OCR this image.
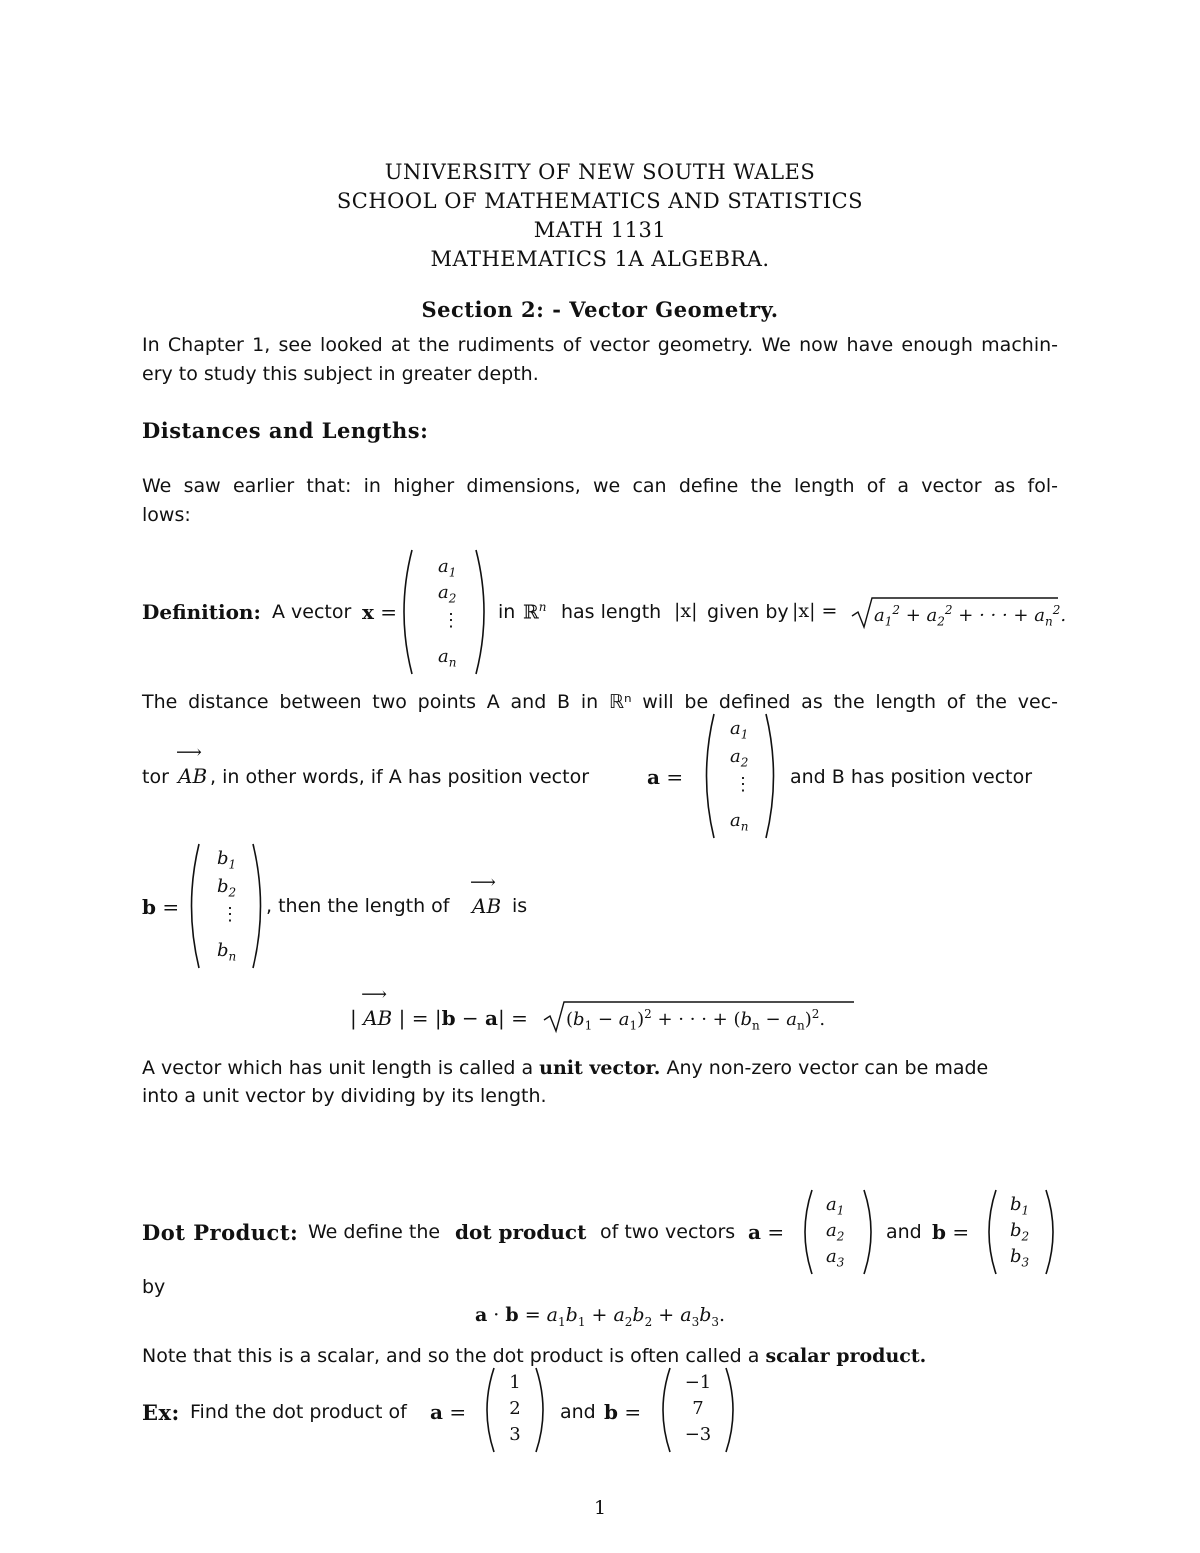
UNIVERSITY OF NEW SOUTH WALES
SCHOOL OF MATHEMATICS AND STATISTICS
MATH 1131
MATHEMATICS 1A ALGEBRA.
Section 2: - Vector Geometry.
In Chapter 1, see looked at the rudiments of vector geometry. We now have enough machin-
ery to study this subject in greater depth.
Distances and Lengths:
We saw earlier that: in higher dimensions, we can define the length of a vector as fol-
lows:
Definition: A vector x =
$a_1$
$a_2$
⋮
$a_n$
in ℝ$^n$ has length |x| given by $|x| = a_1^2 + a_2^2$ + · · · + $a_n^2$.
The distance between two points A and B in ℝⁿ will be defined as the length of the vec-
tor ⟶ AB , in other words, if A has position vector	a =
$a_1$
$a_2$
⋮
$a_n$
and B has position vector
b =
$b_1$
$b_2$
⋮
$b_n$
, then the length of ⟶ AB is
| ⟶ AB | = $|b - a| = (b_1 - a_1)^2$ + · · · + $(b_n - a_n)^2$.
A vector which has unit length is called a unit vector. Any non-zero vector can be made
into a unit vector by dividing by its length.
Dot Product: We define the dot product of two vectors a =
$a_1$
$a_2$
$a_3$
and b =
$b_1$
$b_2$
$b_3$
by
$a \cdot b = a_1b_1 + a_2b_2 + a_3b_3$.
Note that this is a scalar, and so the dot product is often called a scalar product.
Ex: Find the dot product of a =
1
2
3
and b =
−1
7
−3
1
